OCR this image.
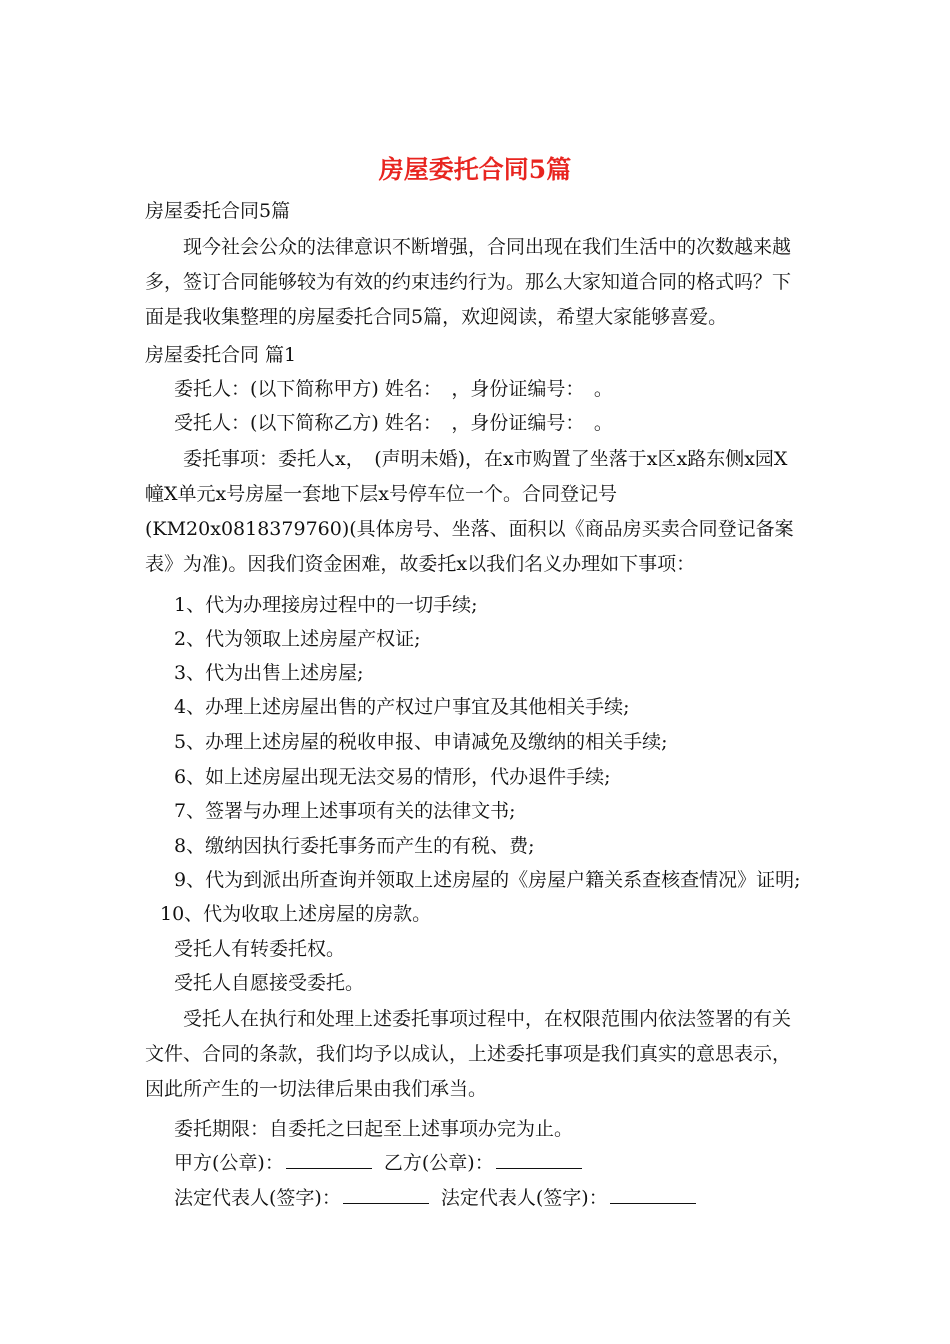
房屋委托合同5篇
房屋委托合同5篇
现今社会公众的法律意识不断增强，合同出现在我们生活中的次数越来越多，签订合同能够较为有效的约束违约行为。那么大家知道合同的格式吗？下面是我收集整理的房屋委托合同5篇，欢迎阅读，希望大家能够喜爱。
房屋委托合同 篇1
委托人：(以下简称甲方) 姓名：　，身份证编号：　。
受托人：(以下简称乙方) 姓名：　，身份证编号：　。
委托事项：委托人x，　(声明未婚)，在x市购置了坐落于x区x路东侧x园X幢X单元x号房屋一套地下层x号停车位一个。合同登记号(KM20x0818379760)(具体房号、坐落、面积以《商品房买卖合同登记备案表》为准)。因我们资金困难，故委托x以我们名义办理如下事项：
1、代为办理接房过程中的一切手续;
2、代为领取上述房屋产权证;
3、代为出售上述房屋;
4、办理上述房屋出售的产权过户事宜及其他相关手续;
5、办理上述房屋的税收申报、申请减免及缴纳的相关手续;
6、如上述房屋出现无法交易的情形，代办退件手续;
7、签署与办理上述事项有关的法律文书;
8、缴纳因执行委托事务而产生的有税、费;
9、代为到派出所查询并领取上述房屋的《房屋户籍关系查核查情况》证明;
10、代为收取上述房屋的房款。
受托人有转委托权。
受托人自愿接受委托。
受托人在执行和处理上述委托事项过程中，在权限范围内依法签署的有关文件、合同的条款，我们均予以成认，上述委托事项是我们真实的意思表示，因此所产生的一切法律后果由我们承当。
委托期限：自委托之曰起至上述事项办完为止。
甲方(公章)：	乙方(公章)：
法定代表人(签字)：	法定代表人(签字)：
